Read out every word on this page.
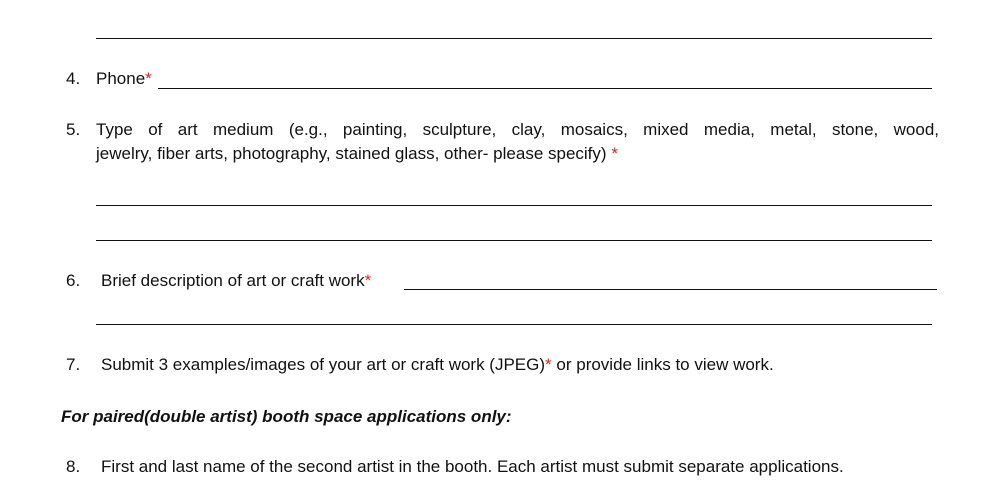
4. Phone*
5. Type of art medium (e.g., painting, sculpture, clay, mosaics, mixed media, metal, stone, wood,
jewelry, fiber arts, photography, stained glass, other- please specify) *
6. Brief description of art or craft work*
7. Submit 3 examples/images of your art or craft work (JPEG)* or provide links to view work.
For paired(double artist) booth space applications only:
8. First and last name of the second artist in the booth. Each artist must submit separate applications.
